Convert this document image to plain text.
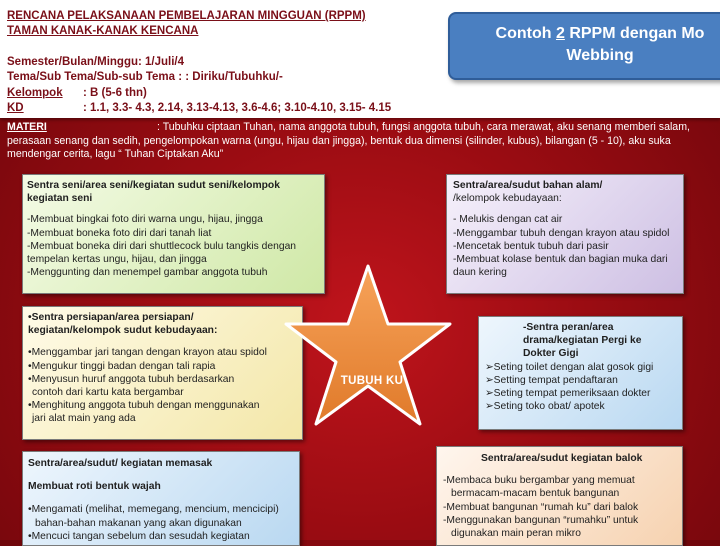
RENCANA PELAKSANAAN PEMBELAJARAN MINGGUAN (RPPM)
TAMAN KANAK-KANAK KENCANA
Semester/Bulan/Minggu: 1/Juli/4
Tema/Sub Tema/Sub-sub Tema : : Diriku/Tubuhku/-
Kelompok : B (5-6 thn)
KD	: 1.1, 3.3- 4.3, 2.14, 3.13-4.13, 3.6-4.6; 3.10-4.10, 3.15- 4.15
Contoh 2 RPPM dengan Mo
Webbing
MATERI	: Tubuhku ciptaan Tuhan, nama anggota tubuh, fungsi anggota tubuh, cara merawat, aku senang memberi salam, perasaan senang dan sedih, pengelompokan warna (ungu, hijau dan jingga), bentuk dua dimensi (silinder, kubus), bilangan (5 - 10), aku suka mendengar cerita, lagu “ Tuhan Ciptakan Aku”
Sentra seni/area seni/kegiatan sudut seni/kelompok
kegiatan seni
-Membuat bingkai foto diri warna ungu, hijau, jingga
-Membuat boneka foto diri dari tanah liat
-Membuat boneka diri dari shuttlecock bulu tangkis dengan
tempelan kertas ungu, hijau, dan jingga
-Menggunting dan menempel gambar anggota tubuh
Sentra/area/sudut bahan alam/
/kelompok kebudayaan:
- Melukis dengan cat air
-Menggambar tubuh dengan krayon atau spidol
-Mencetak bentuk tubuh dari pasir
-Membuat kolase bentuk dan bagian muka dari
daun kering
•Sentra persiapan/area persiapan/
kegiatan/kelompok sudut kebudayaan:
•Menggambar jari tangan dengan krayon atau spidol
•Mengukur tinggi badan dengan tali rapia
•Menyusun huruf anggota tubuh berdasarkan
contoh dari kartu kata bergambar
•Menghitung anggota tubuh dengan menggunakan
jari alat main yang ada
-Sentra peran/area
drama/kegiatan Pergi ke
Dokter Gigi
➢Seting toilet dengan alat gosok gigi
➢Setting tempat pendaftaran
➢Seting tempat pemeriksaan dokter
➢Seting toko obat/ apotek
Sentra/area/sudut/ kegiatan memasak
Membuat roti bentuk wajah
•Mengamati (melihat, memegang, mencium, mencicipi)
bahan-bahan makanan yang akan digunakan
•Mencuci tangan sebelum dan sesudah kegiatan
Sentra/area/sudut kegiatan balok
-Membaca buku bergambar yang memuat
bermacam-macam bentuk bangunan
-Membuat bangunan “rumah ku” dari balok
-Menggunakan bangunan “rumahku” untuk
digunakan main peran mikro
TUBUH KU
